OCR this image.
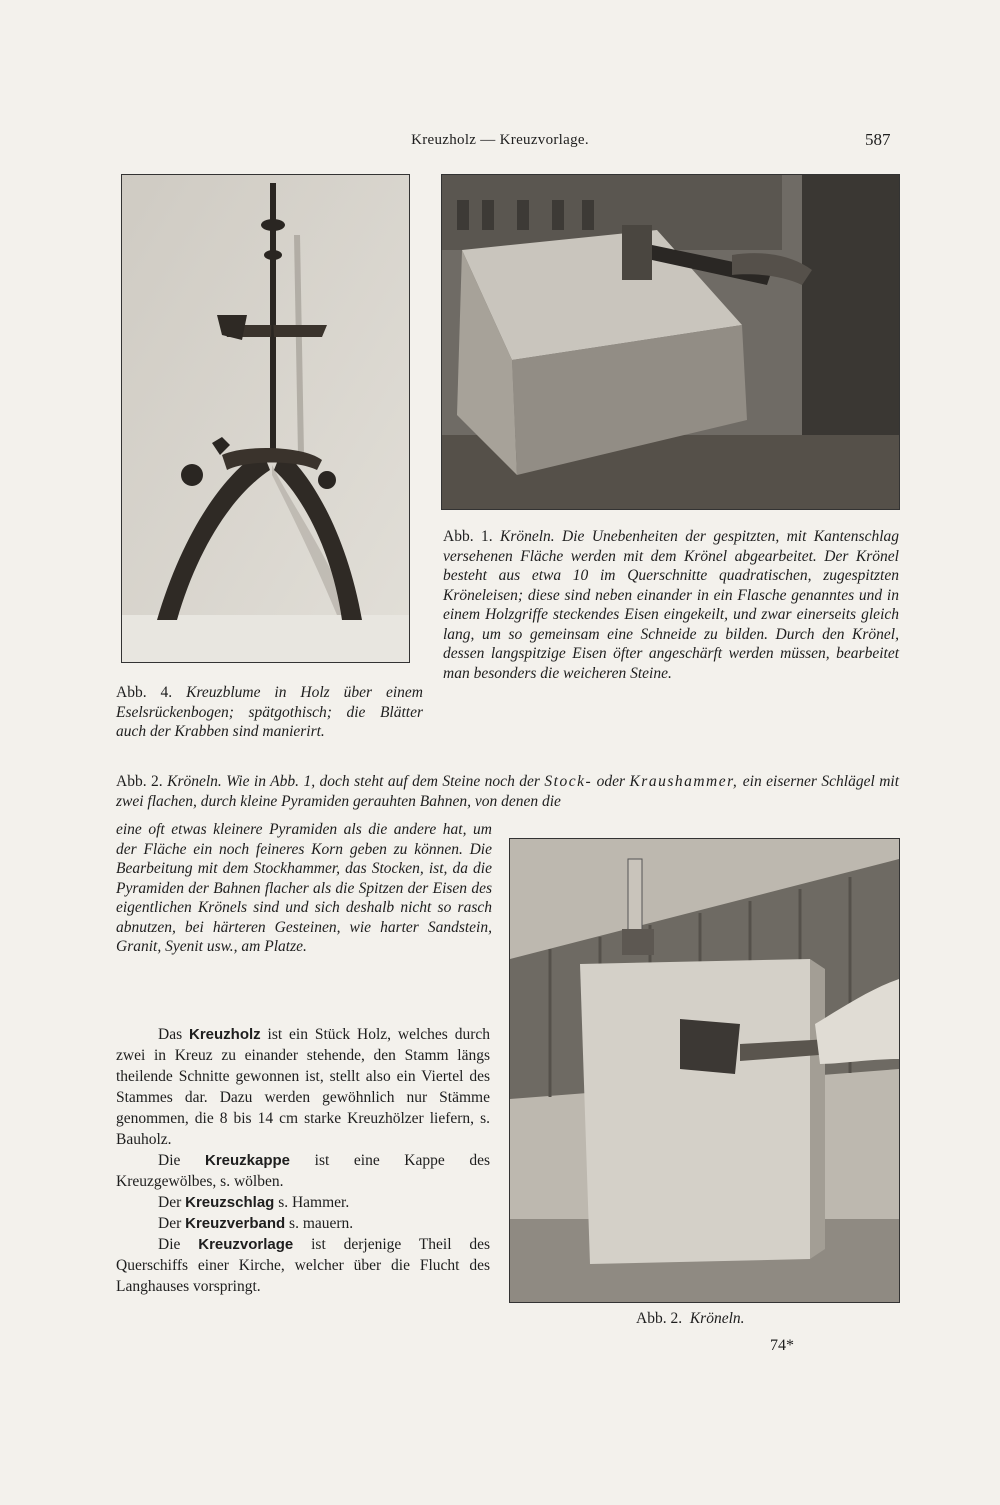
Kreuzholz — Kreuzvorlage.	587
Abb. 1. Kröneln. Die Unebenheiten der gespitzten, mit Kantenschlag versehenen Fläche werden mit dem Krönel abgearbeitet. Der Krönel besteht aus etwa 10 im Querschnitte quadratischen, zugespitzten Kröneleisen; diese sind neben einander in ein Flasche genanntes und in einem Holzgriffe steckendes Eisen eingekeilt, und zwar einerseits gleich lang, um so gemeinsam eine Schneide zu bilden. Durch den Krönel, dessen langspitzige Eisen öfter angeschärft werden müssen, bearbeitet man besonders die weicheren Steine.
Abb. 4. Kreuzblume in Holz über einem Eselsrückenbogen; spätgothisch; die Blätter auch der Krabben sind manierirt.
Abb. 2. Kröneln. Wie in Abb. 1, doch steht auf dem Steine noch der Stock- oder Kraushammer, ein eiserner Schlägel mit zwei flachen, durch kleine Pyramiden gerauhten Bahnen, von denen die
eine oft etwas kleinere Pyramiden als die andere hat, um der Fläche ein noch feineres Korn geben zu können. Die Bearbeitung mit dem Stockhammer, das Stocken, ist, da die Pyramiden der Bahnen flacher als die Spitzen der Eisen des eigentlichen Krönels sind und sich deshalb nicht so rasch abnutzen, bei härteren Gesteinen, wie harter Sandstein, Granit, Syenit usw., am Platze.

Das Kreuzholz ist ein Stück Holz, welches durch zwei in Kreuz zu einander stehende, den Stamm längs theilende Schnitte gewonnen ist, stellt also ein Viertel des Stammes dar. Dazu werden gewöhnlich nur Stämme genommen, die 8 bis 14 cm starke Kreuzhölzer liefern, s. Bauholz.

Die Kreuzkappe ist eine Kappe des Kreuzgewölbes, s. wölben.

Der Kreuzschlag s. Hammer.

Der Kreuzverband s. mauern.

Die Kreuzvorlage ist derjenige Theil des Querschiffs einer Kirche, welcher über die Flucht des Langhauses vorspringt.

Abb. 2. Kröneln.
74*
